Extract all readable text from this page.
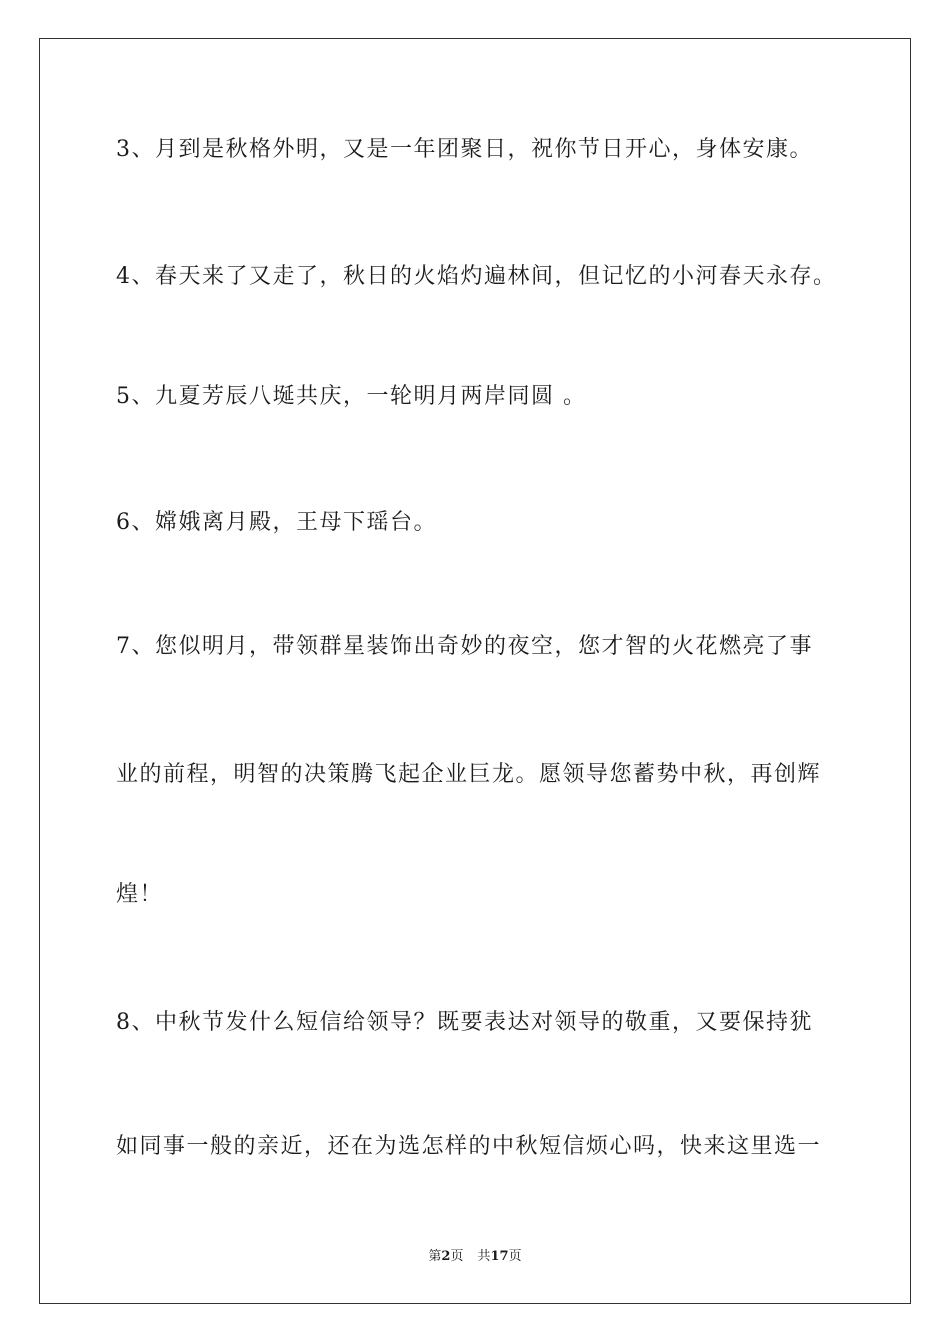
3、月到是秋格外明，又是一年团聚日，祝你节日开心，身体安康。
4、春天来了又走了，秋日的火焰灼遍林间，但记忆的小河春天永存。
5、九夏芳辰八埏共庆，一轮明月两岸同圆 。
6、嫦娥离月殿，王母下瑶台。
7、您似明月，带领群星装饰出奇妙的夜空，您才智的火花燃亮了事
业的前程，明智的决策腾飞起企业巨龙。愿领导您蓄势中秋，再创辉
煌！
8、中秋节发什么短信给领导？既要表达对领导的敬重，又要保持犹
如同事一般的亲近，还在为选怎样的中秋短信烦心吗，快来这里选一
第2页 共17页
